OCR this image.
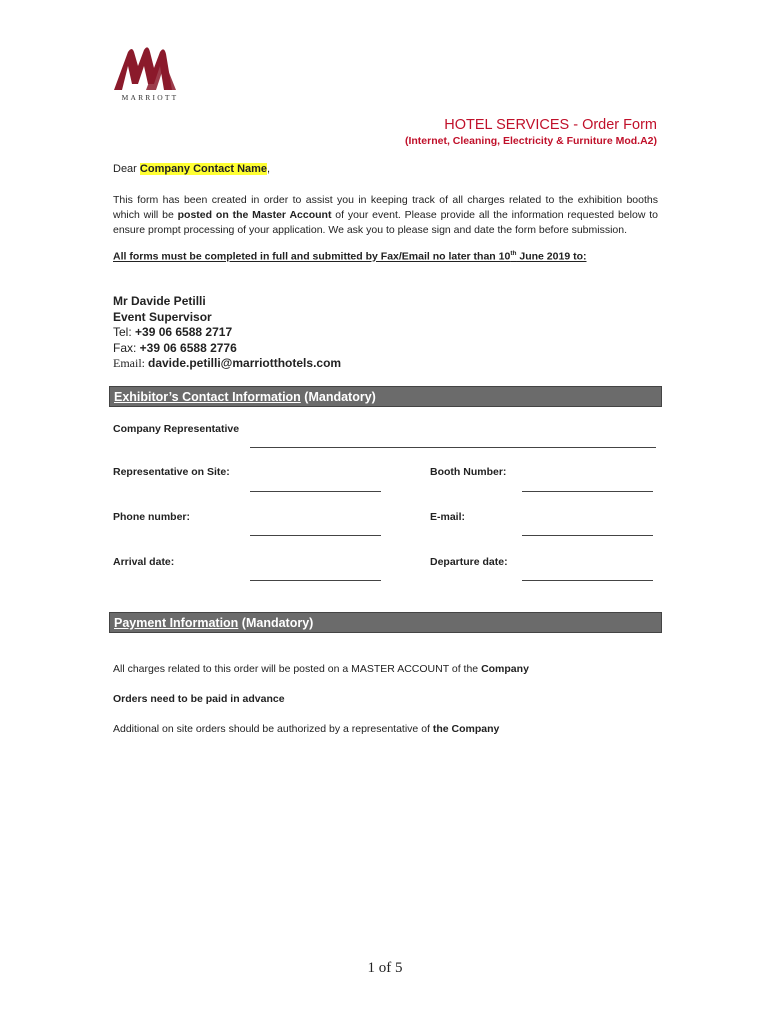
MARRIOTT
HOTEL SERVICES - Order Form
(Internet, Cleaning, Electricity & Furniture Mod.A2)
Dear Company Contact Name,
This form has been created in order to assist you in keeping track of all charges related to the exhibition booths which will be posted on the Master Account of your event. Please provide all the information requested below to ensure prompt processing of your application. We ask you to please sign and date the form before submission.
All forms must be completed in full and submitted by Fax/Email no later than 10th June 2019 to:
Mr Davide Petilli
Event Supervisor
Tel: +39 06 6588 2717
Fax: +39 06 6588 2776
Email: davide.petilli@marriotthotels.com
Exhibitor’s Contact Information (Mandatory)
Company Representative
Representative on Site:	Booth Number:
Phone number:	E-mail:
Arrival date:	Departure date:
Payment Information (Mandatory)
All charges related to this order will be posted on a MASTER ACCOUNT of the Company
Orders need to be paid in advance
Additional on site orders should be authorized by a representative of the Company
1 of 5
